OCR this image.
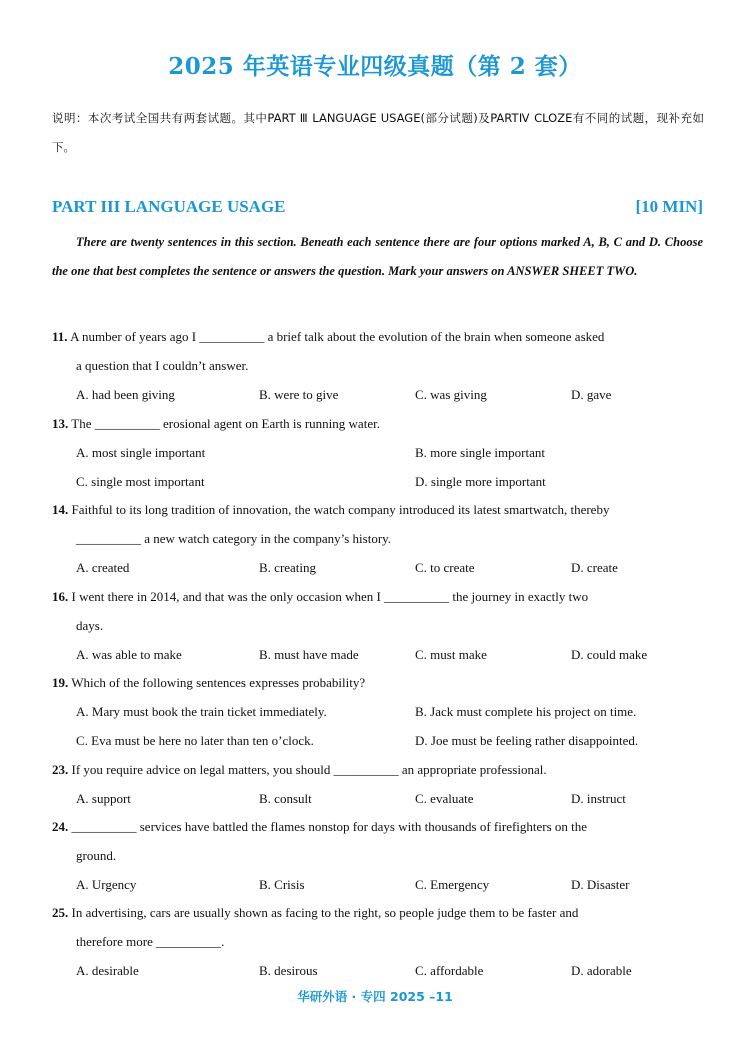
2025 年英语专业四级真题（第 2 套）
说明：本次考试全国共有两套试题。其中PART Ⅲ LANGUAGE USAGE(部分试题)及PARTⅣ CLOZE有不同的试题，现补充如下。
PART III LANGUAGE USAGE	[10 MIN]
There are twenty sentences in this section. Beneath each sentence there are four options marked A, B, C and D. Choose the one that best completes the sentence or answers the question. Mark your answers on ANSWER SHEET TWO.
11. A number of years ago I __________ a brief talk about the evolution of the brain when someone asked
a question that I couldn’t answer.
A. had been giving	B. were to give	C. was giving	D. gave
13. The __________ erosional agent on Earth is running water.
A. most single important	B. more single important
C. single most important	D. single more important
14. Faithful to its long tradition of innovation, the watch company introduced its latest smartwatch, thereby
__________ a new watch category in the company’s history.
A. created	B. creating	C. to create	D. create
16. I went there in 2014, and that was the only occasion when I __________ the journey in exactly two
days.
A. was able to make	B. must have made	C. must make	D. could make
19. Which of the following sentences expresses probability?
A. Mary must book the train ticket immediately.	B. Jack must complete his project on time.
C. Eva must be here no later than ten o’clock.	D. Joe must be feeling rather disappointed.
23. If you require advice on legal matters, you should __________ an appropriate professional.
A. support	B. consult	C. evaluate	D. instruct
24. __________ services have battled the flames nonstop for days with thousands of firefighters on the
ground.
A. Urgency	B. Crisis	C. Emergency	D. Disaster
25. In advertising, cars are usually shown as facing to the right, so people judge them to be faster and
therefore more __________.
A. desirable	B. desirous	C. affordable	D. adorable
华研外语 · 专四 2025 –11
